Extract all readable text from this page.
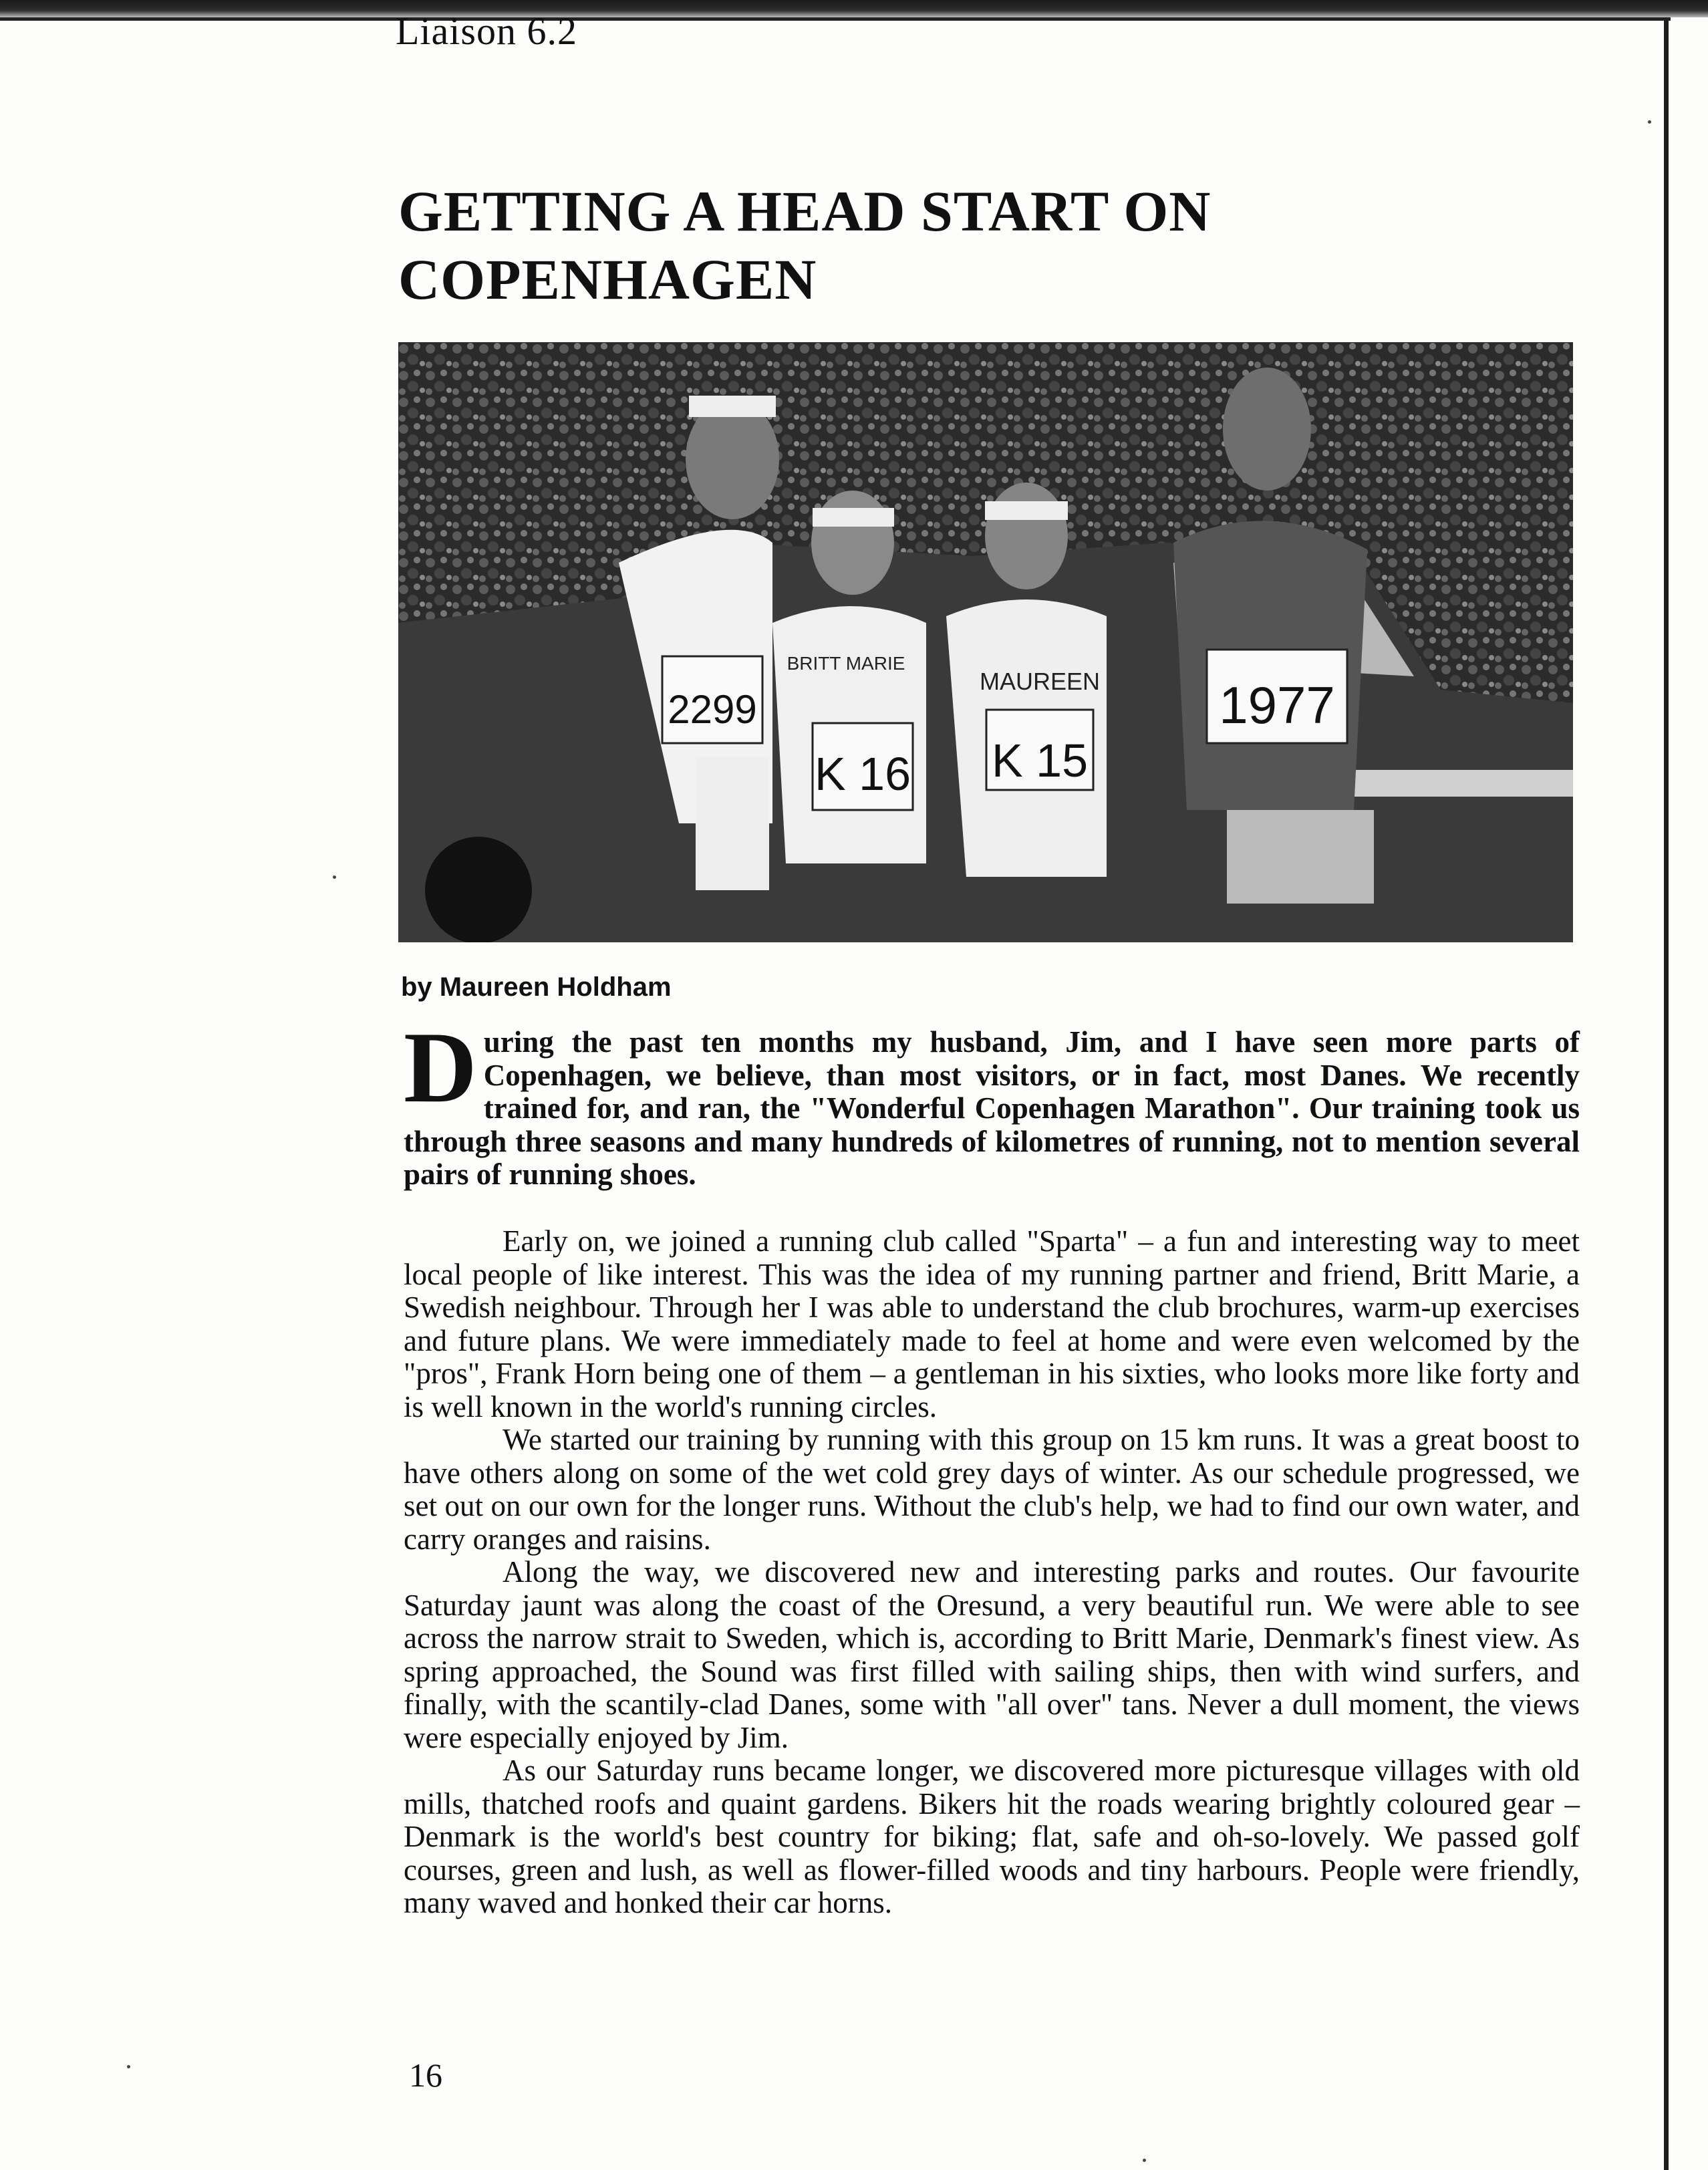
Liaison 6.2
GETTING A HEAD START ON
COPENHAGEN
2299
BRITT MARIE
K 16
MAUREEN
K 15
1977
by Maureen Holdham

During the past ten months my husband, Jim, and I have seen more parts of Copenhagen, we believe, than most visitors, or in fact, most Danes. We recently trained for, and ran, the "Wonderful Copenhagen Marathon". Our training took us through three seasons and many hundreds of kilometres of running, not to mention several pairs of running shoes.

Early on, we joined a running club called "Sparta" – a fun and interesting way to meet local people of like interest. This was the idea of my running partner and friend, Britt Marie, a Swedish neighbour. Through her I was able to understand the club brochures, warm-up exercises and future plans. We were immediately made to feel at home and were even welcomed by the "pros", Frank Horn being one of them – a gentleman in his sixties, who looks more like forty and is well known in the world's running circles.

We started our training by running with this group on 15 km runs. It was a great boost to have others along on some of the wet cold grey days of winter. As our schedule progressed, we set out on our own for the longer runs. Without the club's help, we had to find our own water, and carry oranges and raisins.

Along the way, we discovered new and interesting parks and routes. Our favourite Saturday jaunt was along the coast of the Oresund, a very beautiful run. We were able to see across the narrow strait to Sweden, which is, according to Britt Marie, Denmark's finest view. As spring approached, the Sound was first filled with sailing ships, then with wind surfers, and finally, with the scantily-clad Danes, some with "all over" tans. Never a dull moment, the views were especially enjoyed by Jim.

As our Saturday runs became longer, we discovered more picturesque villages with old mills, thatched roofs and quaint gardens. Bikers hit the roads wearing brightly coloured gear – Denmark is the world's best country for biking; flat, safe and oh-so-lovely. We passed golf courses, green and lush, as well as flower-filled woods and tiny harbours. People were friendly, many waved and honked their car horns.

16
